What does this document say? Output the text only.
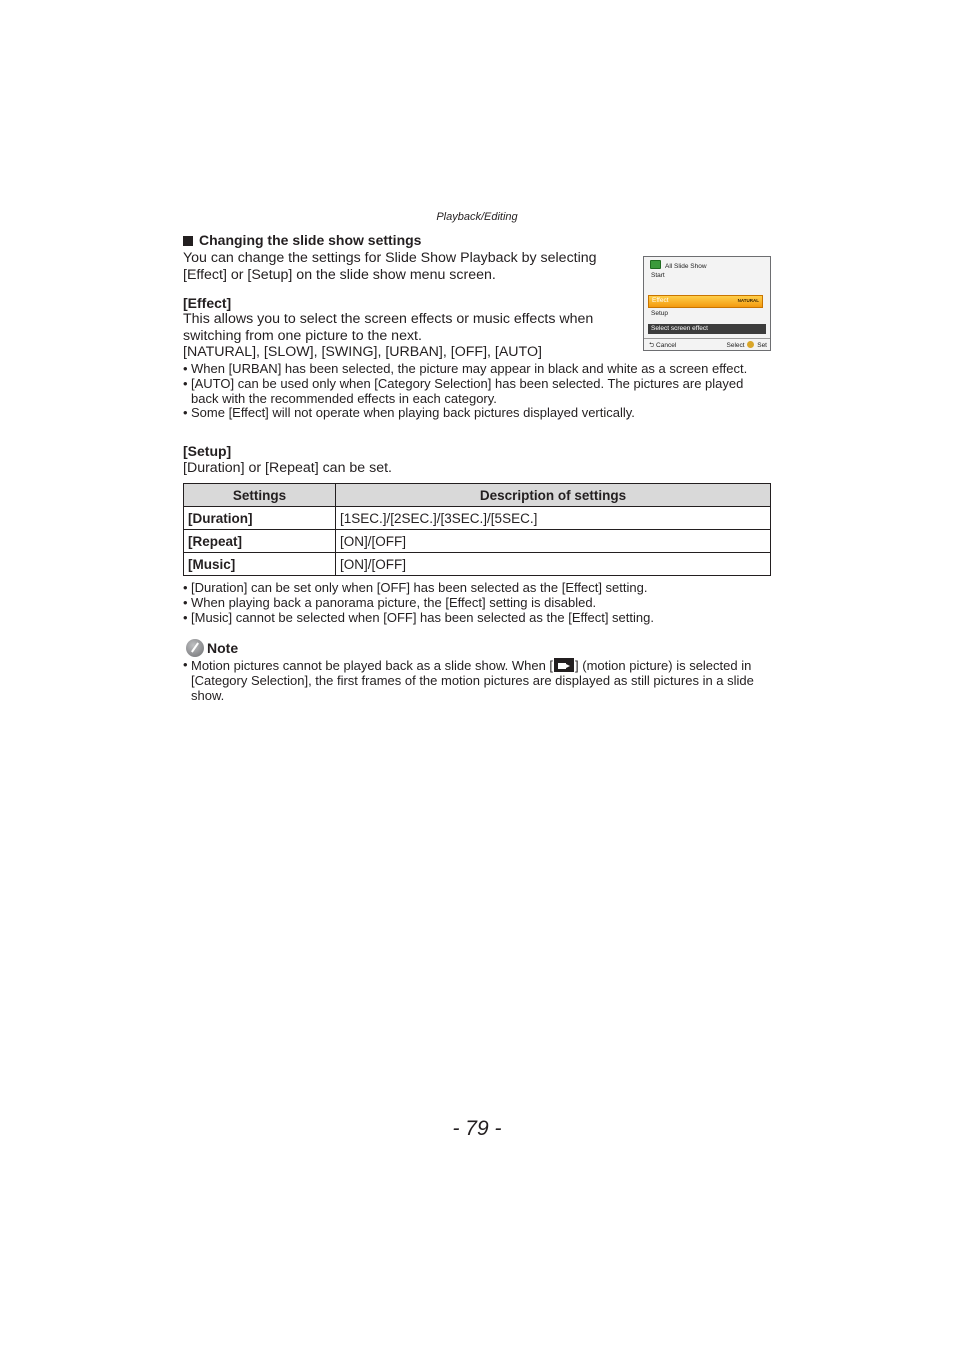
Playback/Editing
Changing the slide show settings
You can change the settings for Slide Show Playback by selecting
[Effect] or [Setup] on the slide show menu screen.
[Effect]
This allows you to select the screen effects or music effects when
switching from one picture to the next.
[NATURAL], [SLOW], [SWING], [URBAN], [OFF], [AUTO]
All Slide Show
Start
Effect	NATURAL
Setup
Select screen effect
⮌ Cancel	Select Set
• When [URBAN] has been selected, the picture may appear in black and white as a screen effect.
• [AUTO] can be used only when [Category Selection] has been selected. The pictures are played back with the recommended effects in each category.
• Some [Effect] will not operate when playing back pictures displayed vertically.
[Setup]
[Duration] or [Repeat] can be set.
Settings	Description of settings
[Duration]	[1SEC.]/[2SEC.]/[3SEC.]/[5SEC.]
[Repeat]	[ON]/[OFF]
[Music]	[ON]/[OFF]
• [Duration] can be set only when [OFF] has been selected as the [Effect] setting.
• When playing back a panorama picture, the [Effect] setting is disabled.
• [Music] cannot be selected when [OFF] has been selected as the [Effect] setting.
Note
• Motion pictures cannot be played back as a slide show. When [ ] (motion picture) is selected in [Category Selection], the first frames of the motion pictures are displayed as still pictures in a slide show.
- 79 -
